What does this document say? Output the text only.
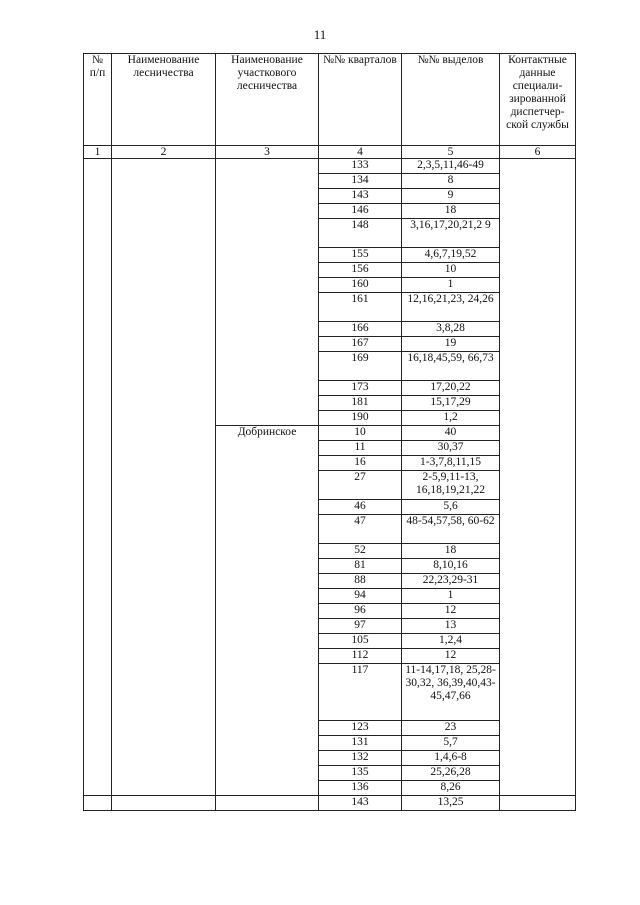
11
№ п/п	Наименование лесничества	Наименование участкового лесничества	№№ кварталов	№№ выделов	Контактные данные специали-зированной диспетчер-ской службы
1	2	3	4	5	6
			133	2,3,5,11,46-49	
			134	8	
			143	9	
			146	18	
			148	3,16,17,20,21,2 9	
			155	4,6,7,19,52	
			156	10	
			160	1	
			161	12,16,21,23, 24,26	
			166	3,8,28	
			167	19	
			169	16,18,45,59, 66,73	
			173	17,20,22	
			181	15,17,29	
			190	1,2	
		Добринское	10	40	
			11	30,37	
			16	1-3,7,8,11,15	
			27	2-5,9,11-13, 16,18,19,21,22	
			46	5,6	
			47	48-54,57,58, 60-62	
			52	18	
			81	8,10,16	
			88	22,23,29-31	
			94	1	
			96	12	
			97	13	
			105	1,2,4	
			112	12	
			117	11-14,17,18, 25,28-30,32, 36,39,40,43- 45,47,66	
			123	23	
			131	5,7	
			132	1,4,6-8	
			135	25,26,28	
			136	8,26	
			143	13,25	
